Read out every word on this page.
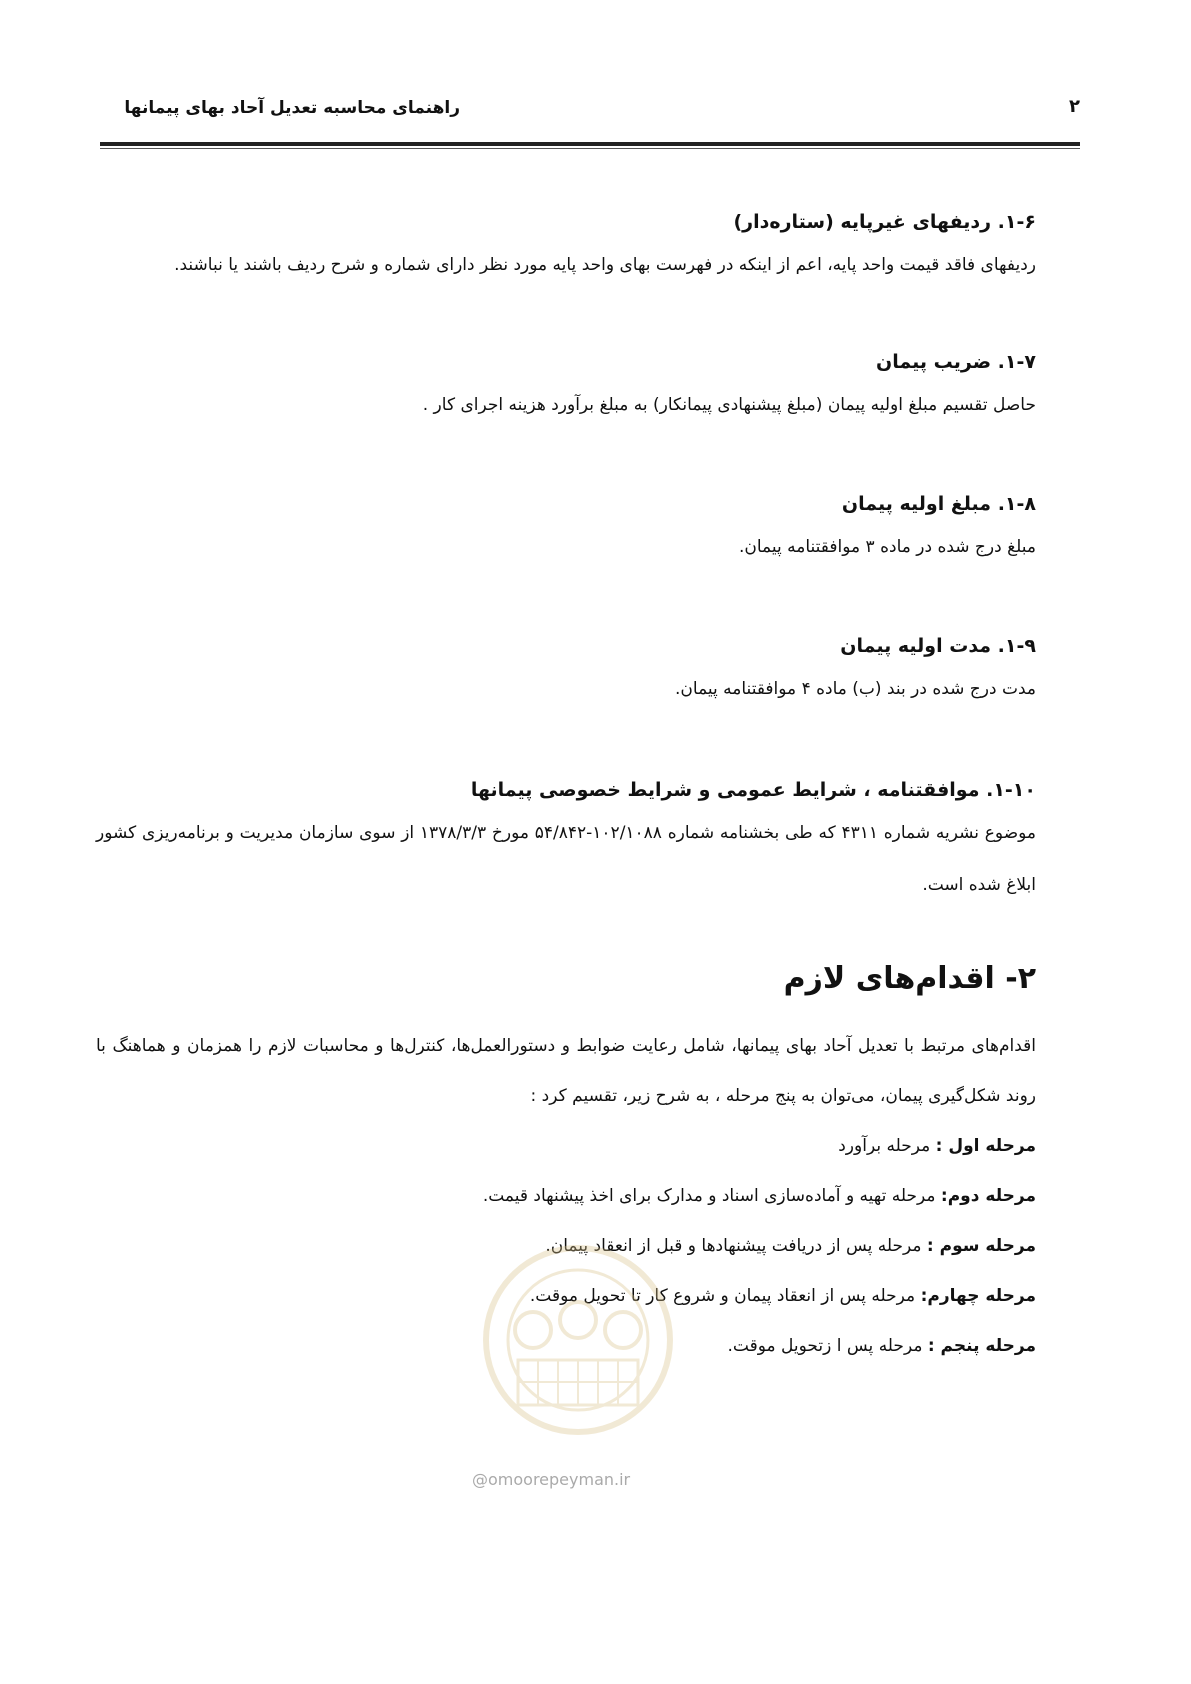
۲
راهنمای محاسبه تعدیل آحاد بهای پیمانها

۱-۶. ردیفهای غیرپایه (ستاره‌دار)

ردیفهای فاقد قیمت واحد پایه، اعم از اینکه در فهرست بهای واحد پایه مورد نظر دارای شماره و شرح ردیف باشند یا نباشند.

۱-۷. ضریب پیمان

حاصل تقسیم مبلغ اولیه پیمان (مبلغ پیشنهادی پیمانکار) به مبلغ برآورد هزینه اجرای کار .

۱-۸. مبلغ اولیه پیمان

مبلغ درج شده در ماده ۳ موافقتنامه پیمان.

۱-۹. مدت اولیه پیمان

مدت درج شده در بند (ب) ماده ۴ موافقتنامه پیمان.

۱-۱۰. موافقتنامه ، شرایط عمومی و شرایط خصوصی پیمانها

موضوع نشریه شماره ۴۳۱۱ که طی بخشنامه شماره ۱۰۲/۱۰۸۸-۵۴/۸۴۲ مورخ ۱۳۷۸/۳/۳ از سوی سازمان مدیریت و برنامه‌ریزی کشور ابلاغ شده است.

۲- اقدام‌های لازم

اقدام‌های مرتبط با تعدیل آحاد بهای پیمانها، شامل رعایت ضوابط و دستورالعمل‌ها، کنترل‌ها و محاسبات لازم را همزمان و هماهنگ با روند شکل‌گیری پیمان، می‌توان به پنج مرحله ، به شرح زیر، تقسیم کرد :

مرحله اول : مرحله برآورد

مرحله دوم: مرحله تهیه و آماده‌سازی اسناد و مدارک برای اخذ پیشنهاد قیمت.

مرحله سوم : مرحله پس از دریافت پیشنهادها و قبل از انعقاد پیمان.

مرحله چهارم: مرحله پس از انعقاد پیمان و شروع کار تا تحویل موقت.

مرحله پنجم : مرحله پس ا زتحویل موقت.

@omoorepeyman.ir
